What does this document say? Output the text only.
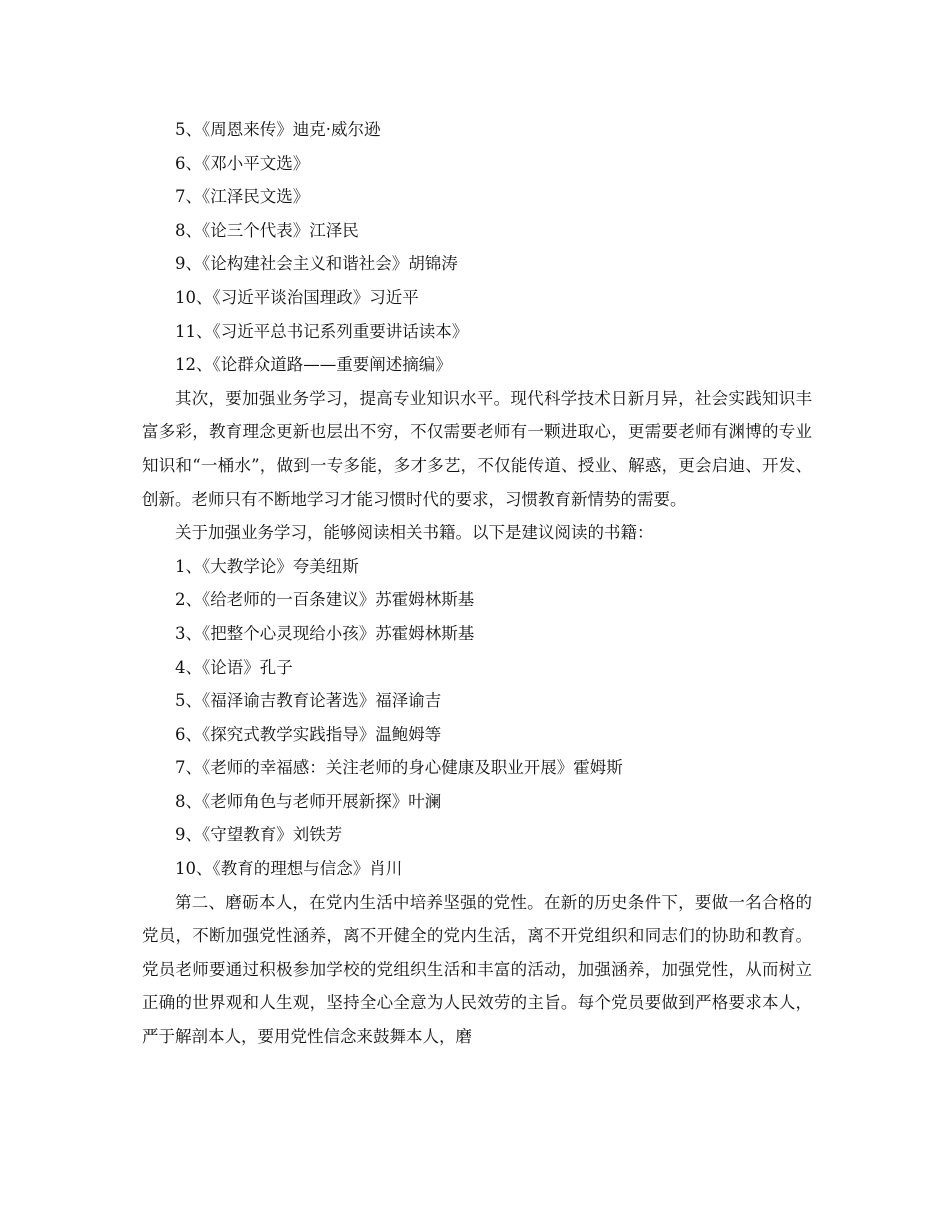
5、《周恩来传》迪克·威尔逊
6、《邓小平文选》
7、《江泽民文选》
8、《论三个代表》江泽民
9、《论构建社会主义和谐社会》胡锦涛
10、《习近平谈治国理政》习近平
11、《习近平总书记系列重要讲话读本》
12、《论群众道路——重要阐述摘编》

其次，要加强业务学习，提高专业知识水平。现代科学技术日新月异，社会实践知识丰富多彩，教育理念更新也层出不穷，不仅需要老师有一颗进取心，更需要老师有渊博的专业知识和“一桶水”，做到一专多能，多才多艺，不仅能传道、授业、解惑，更会启迪、开发、创新。老师只有不断地学习才能习惯时代的要求，习惯教育新情势的需要。

关于加强业务学习，能够阅读相关书籍。以下是建议阅读的书籍：
1、《大教学论》夸美纽斯
2、《给老师的一百条建议》苏霍姆林斯基
3、《把整个心灵现给小孩》苏霍姆林斯基
4、《论语》孔子
5、《福泽谕吉教育论著选》福泽谕吉
6、《探究式教学实践指导》温鲍姆等
7、《老师的幸福感：关注老师的身心健康及职业开展》霍姆斯
8、《老师角色与老师开展新探》叶澜
9、《守望教育》刘铁芳
10、《教育的理想与信念》肖川

第二、磨砺本人，在党内生活中培养坚强的党性。在新的历史条件下，要做一名合格的党员，不断加强党性涵养，离不开健全的党内生活，离不开党组织和同志们的协助和教育。党员老师要通过积极参加学校的党组织生活和丰富的活动，加强涵养，加强党性，从而树立正确的世界观和人生观，坚持全心全意为人民效劳的主旨。每个党员要做到严格要求本人，严于解剖本人，要用党性信念来鼓舞本人，磨
